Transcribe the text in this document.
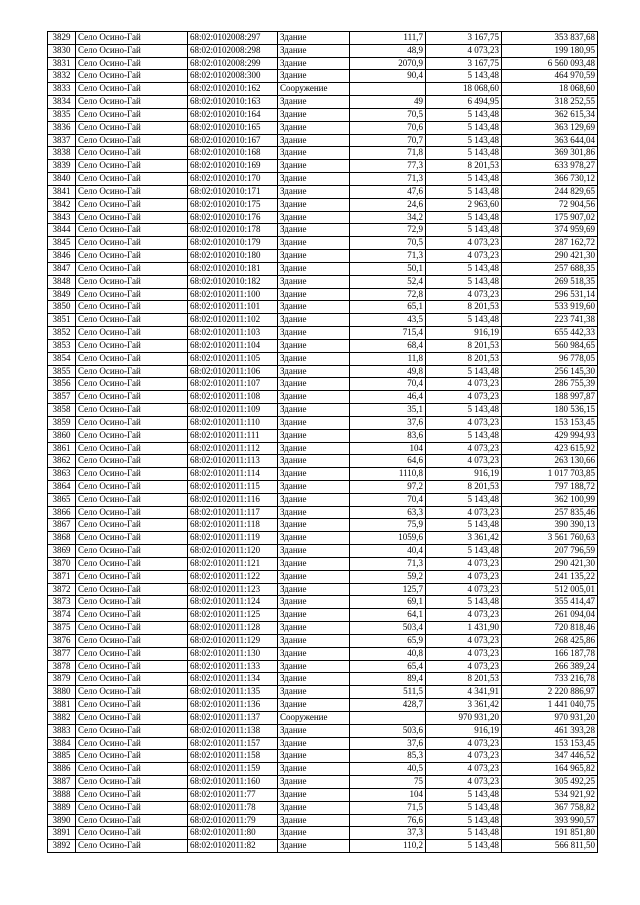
3829	Село Осино-Гай	68:02:0102008:297	Здание	111,7	3 167,75	353 837,68
3830	Село Осино-Гай	68:02:0102008:298	Здание	48,9	4 073,23	199 180,95
3831	Село Осино-Гай	68:02:0102008:299	Здание	2070,9	3 167,75	6 560 093,48
3832	Село Осино-Гай	68:02:0102008:300	Здание	90,4	5 143,48	464 970,59
3833	Село Осино-Гай	68:02:0102010:162	Сооружение		18 068,60	18 068,60
3834	Село Осино-Гай	68:02:0102010:163	Здание	49	6 494,95	318 252,55
3835	Село Осино-Гай	68:02:0102010:164	Здание	70,5	5 143,48	362 615,34
3836	Село Осино-Гай	68:02:0102010:165	Здание	70,6	5 143,48	363 129,69
3837	Село Осино-Гай	68:02:0102010:167	Здание	70,7	5 143,48	363 644,04
3838	Село Осино-Гай	68:02:0102010:168	Здание	71,8	5 143,48	369 301,86
3839	Село Осино-Гай	68:02:0102010:169	Здание	77,3	8 201,53	633 978,27
3840	Село Осино-Гай	68:02:0102010:170	Здание	71,3	5 143,48	366 730,12
3841	Село Осино-Гай	68:02:0102010:171	Здание	47,6	5 143,48	244 829,65
3842	Село Осино-Гай	68:02:0102010:175	Здание	24,6	2 963,60	72 904,56
3843	Село Осино-Гай	68:02:0102010:176	Здание	34,2	5 143,48	175 907,02
3844	Село Осино-Гай	68:02:0102010:178	Здание	72,9	5 143,48	374 959,69
3845	Село Осино-Гай	68:02:0102010:179	Здание	70,5	4 073,23	287 162,72
3846	Село Осино-Гай	68:02:0102010:180	Здание	71,3	4 073,23	290 421,30
3847	Село Осино-Гай	68:02:0102010:181	Здание	50,1	5 143,48	257 688,35
3848	Село Осино-Гай	68:02:0102010:182	Здание	52,4	5 143,48	269 518,35
3849	Село Осино-Гай	68:02:0102011:100	Здание	72,8	4 073,23	296 531,14
3850	Село Осино-Гай	68:02:0102011:101	Здание	65,1	8 201,53	533 919,60
3851	Село Осино-Гай	68:02:0102011:102	Здание	43,5	5 143,48	223 741,38
3852	Село Осино-Гай	68:02:0102011:103	Здание	715,4	916,19	655 442,33
3853	Село Осино-Гай	68:02:0102011:104	Здание	68,4	8 201,53	560 984,65
3854	Село Осино-Гай	68:02:0102011:105	Здание	11,8	8 201,53	96 778,05
3855	Село Осино-Гай	68:02:0102011:106	Здание	49,8	5 143,48	256 145,30
3856	Село Осино-Гай	68:02:0102011:107	Здание	70,4	4 073,23	286 755,39
3857	Село Осино-Гай	68:02:0102011:108	Здание	46,4	4 073,23	188 997,87
3858	Село Осино-Гай	68:02:0102011:109	Здание	35,1	5 143,48	180 536,15
3859	Село Осино-Гай	68:02:0102011:110	Здание	37,6	4 073,23	153 153,45
3860	Село Осино-Гай	68:02:0102011:111	Здание	83,6	5 143,48	429 994,93
3861	Село Осино-Гай	68:02:0102011:112	Здание	104	4 073,23	423 615,92
3862	Село Осино-Гай	68:02:0102011:113	Здание	64,6	4 073,23	263 130,66
3863	Село Осино-Гай	68:02:0102011:114	Здание	1110,8	916,19	1 017 703,85
3864	Село Осино-Гай	68:02:0102011:115	Здание	97,2	8 201,53	797 188,72
3865	Село Осино-Гай	68:02:0102011:116	Здание	70,4	5 143,48	362 100,99
3866	Село Осино-Гай	68:02:0102011:117	Здание	63,3	4 073,23	257 835,46
3867	Село Осино-Гай	68:02:0102011:118	Здание	75,9	5 143,48	390 390,13
3868	Село Осино-Гай	68:02:0102011:119	Здание	1059,6	3 361,42	3 561 760,63
3869	Село Осино-Гай	68:02:0102011:120	Здание	40,4	5 143,48	207 796,59
3870	Село Осино-Гай	68:02:0102011:121	Здание	71,3	4 073,23	290 421,30
3871	Село Осино-Гай	68:02:0102011:122	Здание	59,2	4 073,23	241 135,22
3872	Село Осино-Гай	68:02:0102011:123	Здание	125,7	4 073,23	512 005,01
3873	Село Осино-Гай	68:02:0102011:124	Здание	69,1	5 143,48	355 414,47
3874	Село Осино-Гай	68:02:0102011:125	Здание	64,1	4 073,23	261 094,04
3875	Село Осино-Гай	68:02:0102011:128	Здание	503,4	1 431,90	720 818,46
3876	Село Осино-Гай	68:02:0102011:129	Здание	65,9	4 073,23	268 425,86
3877	Село Осино-Гай	68:02:0102011:130	Здание	40,8	4 073,23	166 187,78
3878	Село Осино-Гай	68:02:0102011:133	Здание	65,4	4 073,23	266 389,24
3879	Село Осино-Гай	68:02:0102011:134	Здание	89,4	8 201,53	733 216,78
3880	Село Осино-Гай	68:02:0102011:135	Здание	511,5	4 341,91	2 220 886,97
3881	Село Осино-Гай	68:02:0102011:136	Здание	428,7	3 361,42	1 441 040,75
3882	Село Осино-Гай	68:02:0102011:137	Сооружение		970 931,20	970 931,20
3883	Село Осино-Гай	68:02:0102011:138	Здание	503,6	916,19	461 393,28
3884	Село Осино-Гай	68:02:0102011:157	Здание	37,6	4 073,23	153 153,45
3885	Село Осино-Гай	68:02:0102011:158	Здание	85,3	4 073,23	347 446,52
3886	Село Осино-Гай	68:02:0102011:159	Здание	40,5	4 073,23	164 965,82
3887	Село Осино-Гай	68:02:0102011:160	Здание	75	4 073,23	305 492,25
3888	Село Осино-Гай	68:02:0102011:77	Здание	104	5 143,48	534 921,92
3889	Село Осино-Гай	68:02:0102011:78	Здание	71,5	5 143,48	367 758,82
3890	Село Осино-Гай	68:02:0102011:79	Здание	76,6	5 143,48	393 990,57
3891	Село Осино-Гай	68:02:0102011:80	Здание	37,3	5 143,48	191 851,80
3892	Село Осино-Гай	68:02:0102011:82	Здание	110,2	5 143,48	566 811,50
